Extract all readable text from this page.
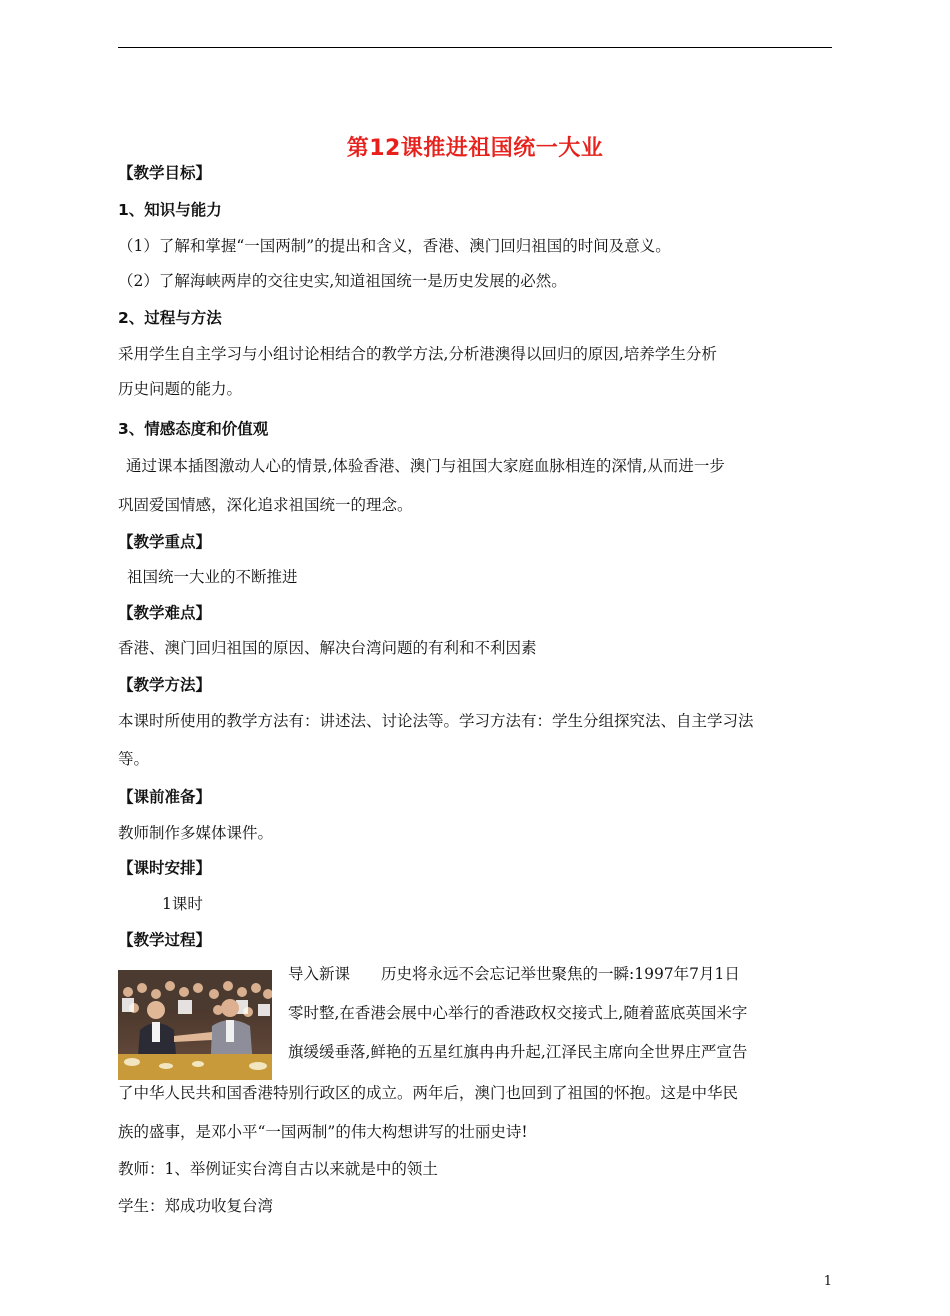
第12课推进祖国统一大业
【教学目标】
1、知识与能力
（1）了解和掌握“一国两制”的提出和含义，香港、澳门回归祖国的时间及意义。
（2）了解海峡两岸的交往史实,知道祖国统一是历史发展的必然。
2、过程与方法
采用学生自主学习与小组讨论相结合的教学方法,分析港澳得以回归的原因,培养学生分析
历史问题的能力。
3、情感态度和价值观
通过课本插图激动人心的情景,体验香港、澳门与祖国大家庭血脉相连的深情,从而进一步
巩固爱国情感，深化追求祖国统一的理念。
【教学重点】
祖国统一大业的不断推进
【教学难点】
香港、澳门回归祖国的原因、解决台湾问题的有利和不利因素
【教学方法】
本课时所使用的教学方法有：讲述法、讨论法等。学习方法有：学生分组探究法、自主学习法
等。
【课前准备】
教师制作多媒体课件。
【课时安排】
1课时
【教学过程】
导入新课　　历史将永远不会忘记举世聚焦的一瞬:1997年7月1日
零时整,在香港会展中心举行的香港政权交接式上,随着蓝底英国米字
旗缓缓垂落,鲜艳的五星红旗冉冉升起,江泽民主席向全世界庄严宣告
了中华人民共和国香港特别行政区的成立。两年后，澳门也回到了祖国的怀抱。这是中华民
族的盛事，是邓小平“一国两制”的伟大构想讲写的壮丽史诗!
教师：1、举例证实台湾自古以来就是中的领土
学生：郑成功收复台湾
1
